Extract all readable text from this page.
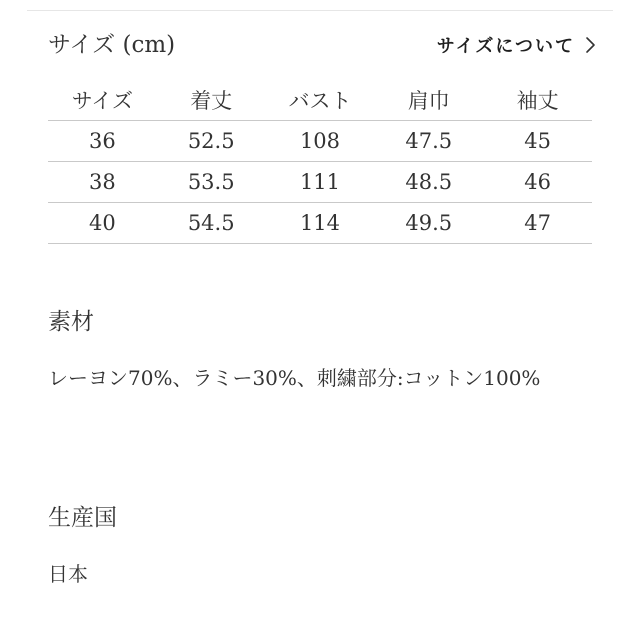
サイズ (cm)	サイズについて
サイズ	着丈	バスト	肩巾	袖丈
36	52.5	108	47.5	45
38	53.5	111	48.5	46
40	54.5	114	49.5	47
素材
レーヨン70%、ラミー30%、刺繍部分:コットン100%
生産国
日本
